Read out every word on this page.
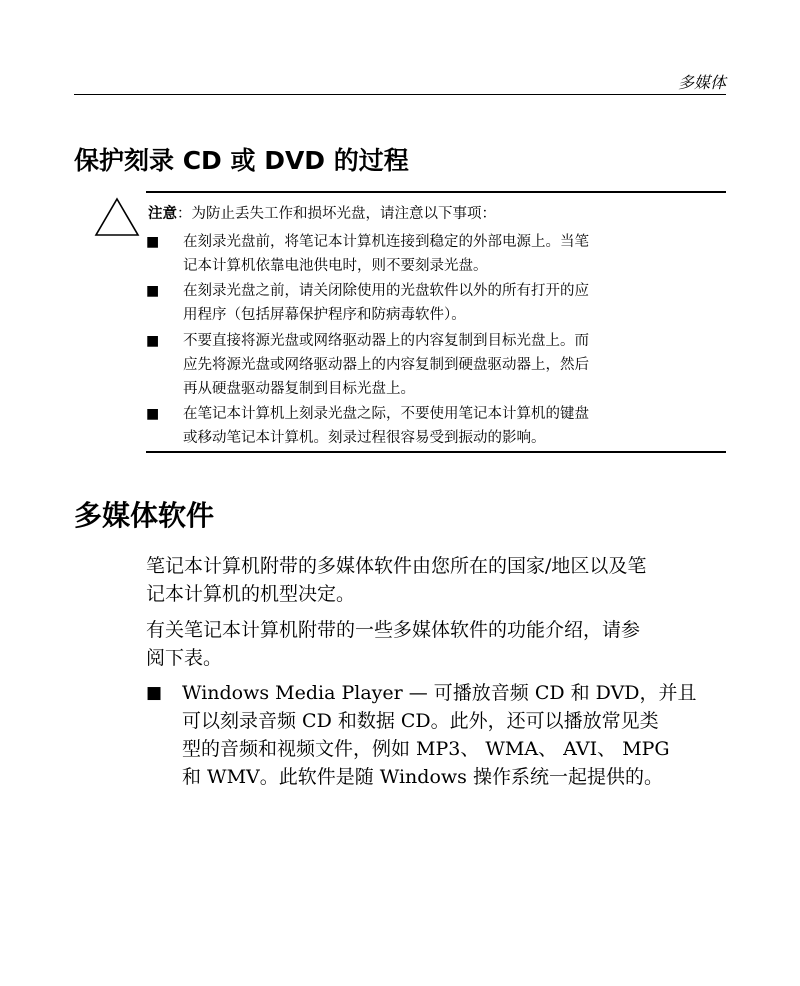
多媒体
保护刻录 CD 或 DVD 的过程
注意：为防止丢失工作和损坏光盘，请注意以下事项：
■ 在刻录光盘前，将笔记本计算机连接到稳定的外部电源上。当笔
记本计算机依靠电池供电时，则不要刻录光盘。
■ 在刻录光盘之前，请关闭除使用的光盘软件以外的所有打开的应
用程序（包括屏幕保护程序和防病毒软件）。
■ 不要直接将源光盘或网络驱动器上的内容复制到目标光盘上。而
应先将源光盘或网络驱动器上的内容复制到硬盘驱动器上，然后
再从硬盘驱动器复制到目标光盘上。
■ 在笔记本计算机上刻录光盘之际，不要使用笔记本计算机的键盘
或移动笔记本计算机。刻录过程很容易受到振动的影响。
多媒体软件
笔记本计算机附带的多媒体软件由您所在的国家/地区以及笔
记本计算机的机型决定。
有关笔记本计算机附带的一些多媒体软件的功能介绍，请参
阅下表。
■ Windows Media Player — 可播放音频 CD 和 DVD，并且
可以刻录音频 CD 和数据 CD。此外，还可以播放常见类
型的音频和视频文件，例如 MP3、 WMA、 AVI、 MPG
和 WMV。此软件是随 Windows 操作系统一起提供的。
